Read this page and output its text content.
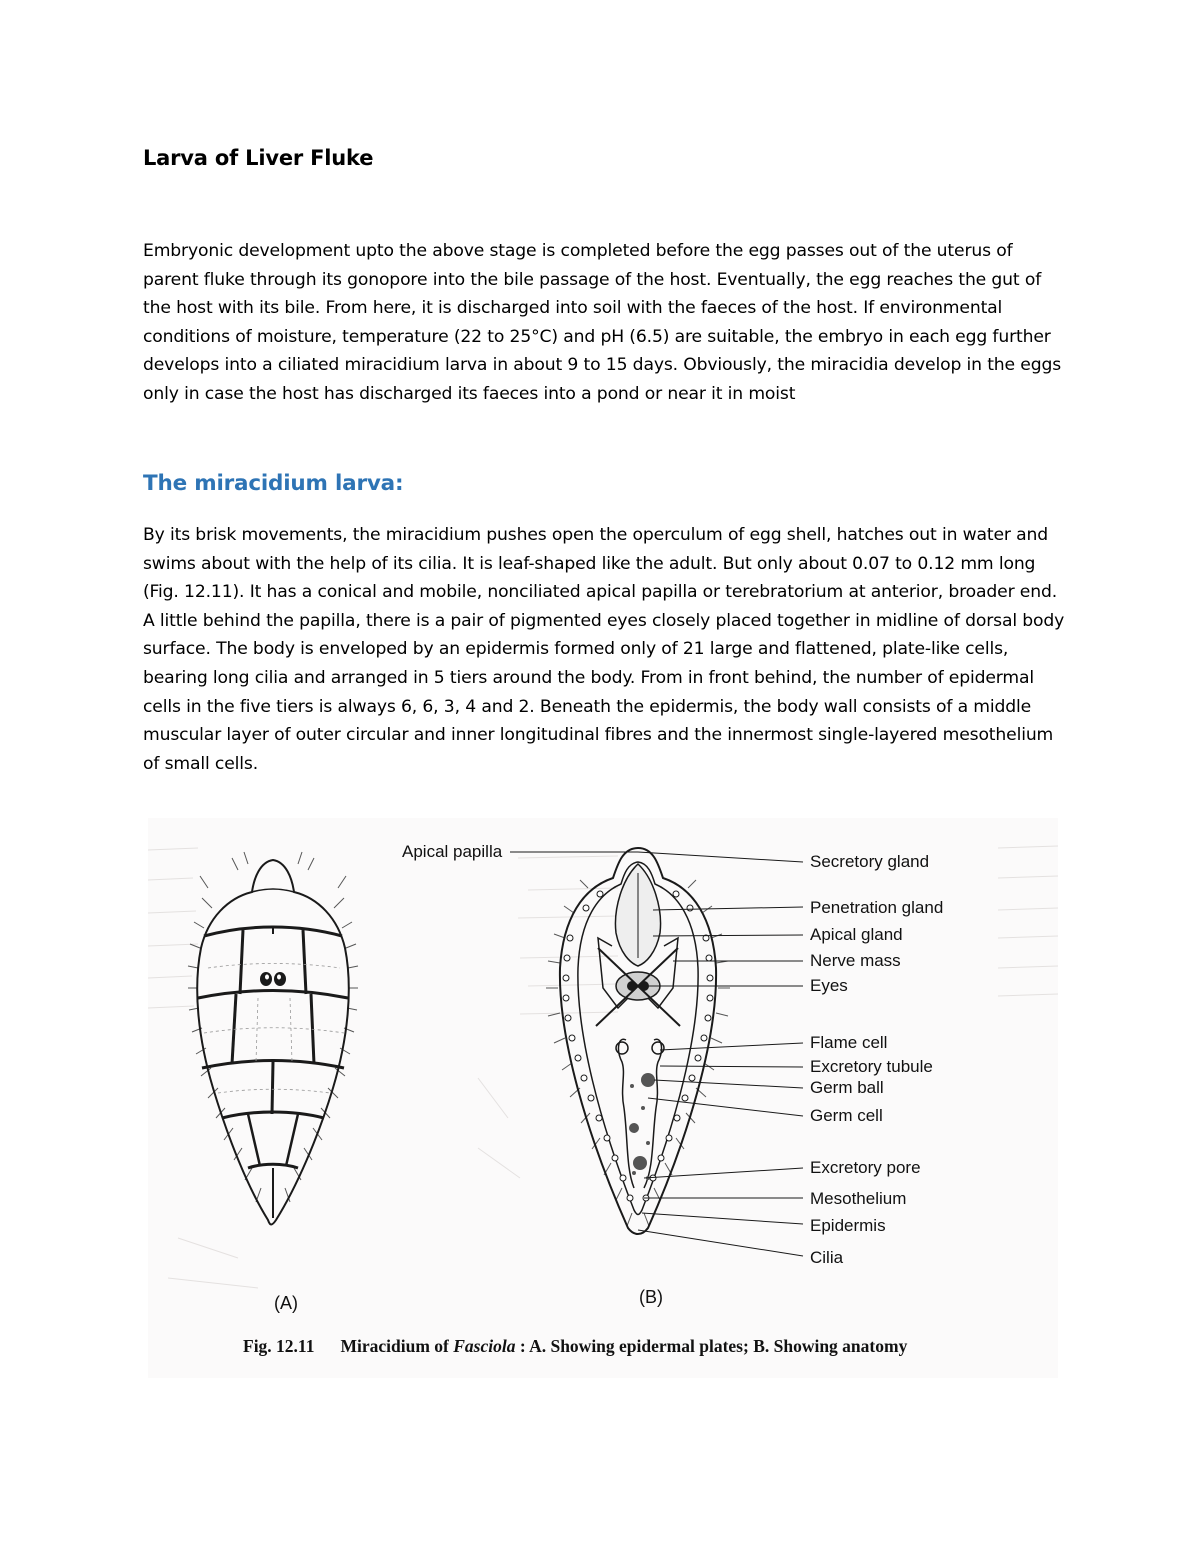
Larva of Liver Fluke

Embryonic development upto the above stage is completed before the egg passes out of the uterus of parent fluke through its gonopore into the bile passage of the host. Eventually, the egg reaches the gut of the host with its bile. From here, it is discharged into soil with the faeces of the host. If environmental conditions of moisture, temperature (22 to 25°C) and pH (6.5) are suitable, the embryo in each egg further develops into a ciliated miracidium larva in about 9 to 15 days. Obviously, the miracidia develop in the eggs only in case the host has discharged its faeces into a pond or near it in moist

The miracidium larva:

By its brisk movements, the miracidium pushes open the operculum of egg shell, hatches out in water and swims about with the help of its cilia. It is leaf-shaped like the adult. But only about 0.07 to 0.12 mm long (Fig. 12.11). It has a conical and mobile, nonciliated apical papilla or terebratorium at anterior, broader end. A little behind the papilla, there is a pair of pigmented eyes closely placed together in midline of dorsal body surface. The body is enveloped by an epidermis formed only of 21 large and flattened, plate-like cells, bearing long cilia and arranged in 5 tiers around the body. From in front behind, the number of epidermal cells in the five tiers is always 6, 6, 3, 4 and 2. Beneath the epidermis, the body wall consists of a middle muscular layer of outer circular and inner longitudinal fibres and the innermost single-layered mesothelium of small cells.

Apical papilla
Secretory gland
Penetration gland
Apical gland
Nerve mass
Eyes
Flame cell
Excretory tubule
Germ ball
Germ cell
Excretory pore
Mesothelium
Epidermis
Cilia
(A)	(B)
Fig. 12.11 Miracidium of Fasciola : A. Showing epidermal plates; B. Showing anatomy
